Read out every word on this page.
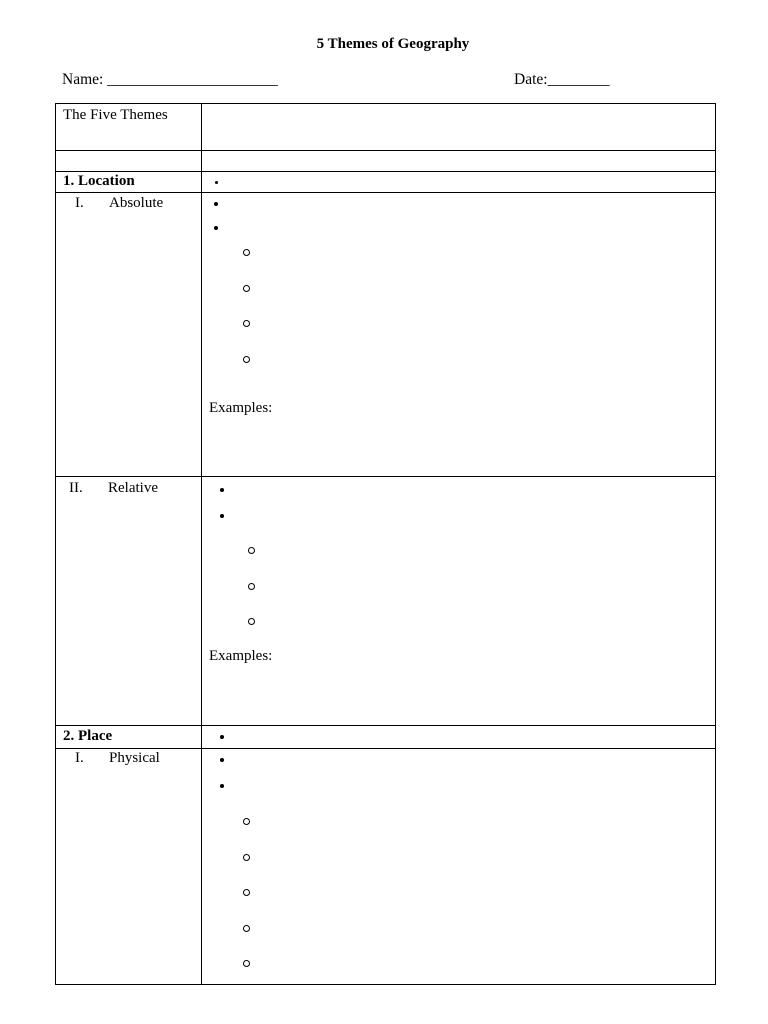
5 Themes of Geography
Name: ______________________	Date:________
The Five Themes
1. Location
I. Absolute
Examples:
II. Relative
Examples:
2. Place
I. Physical
